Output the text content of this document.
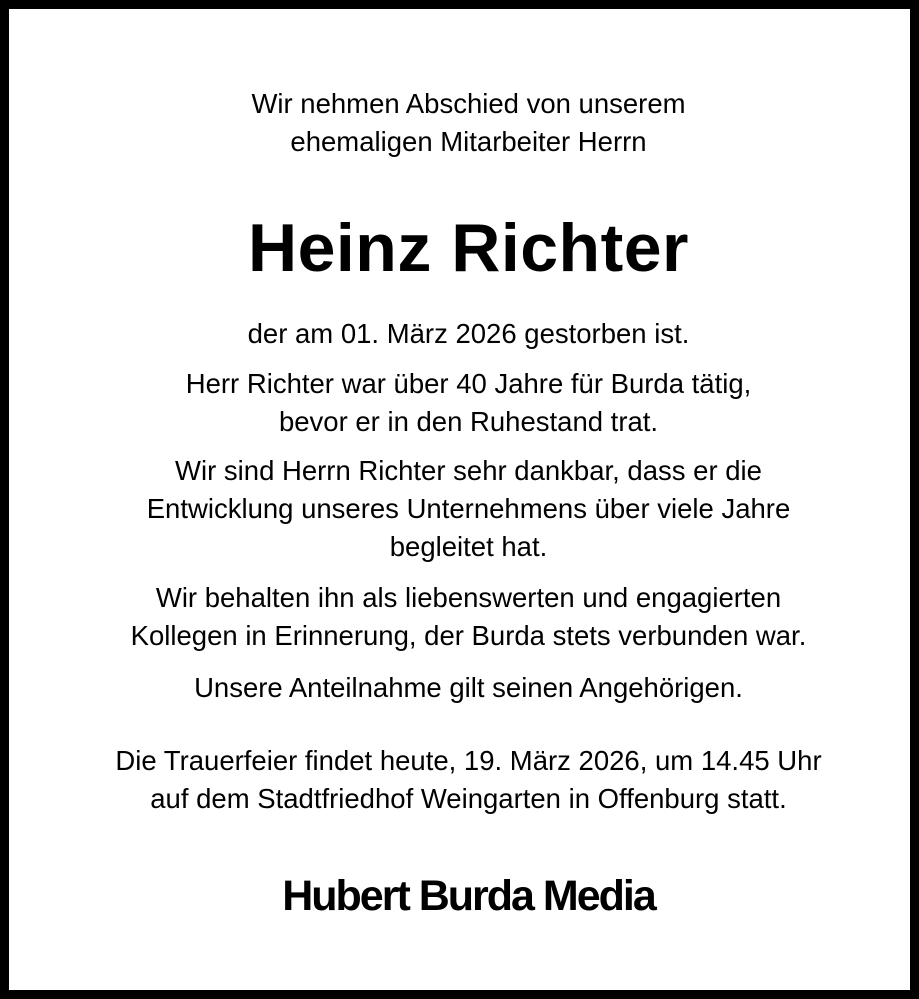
Wir nehmen Abschied von unserem
ehemaligen Mitarbeiter Herrn
Heinz Richter
der am 01. März 2026 gestorben ist.
Herr Richter war über 40 Jahre für Burda tätig,
bevor er in den Ruhestand trat.
Wir sind Herrn Richter sehr dankbar, dass er die
Entwicklung unseres Unternehmens über viele Jahre
begleitet hat.
Wir behalten ihn als liebenswerten und engagierten
Kollegen in Erinnerung, der Burda stets verbunden war.
Unsere Anteilnahme gilt seinen Angehörigen.
Die Trauerfeier findet heute, 19. März 2026, um 14.45 Uhr
auf dem Stadtfriedhof Weingarten in Offenburg statt.
Hubert Burda Media
